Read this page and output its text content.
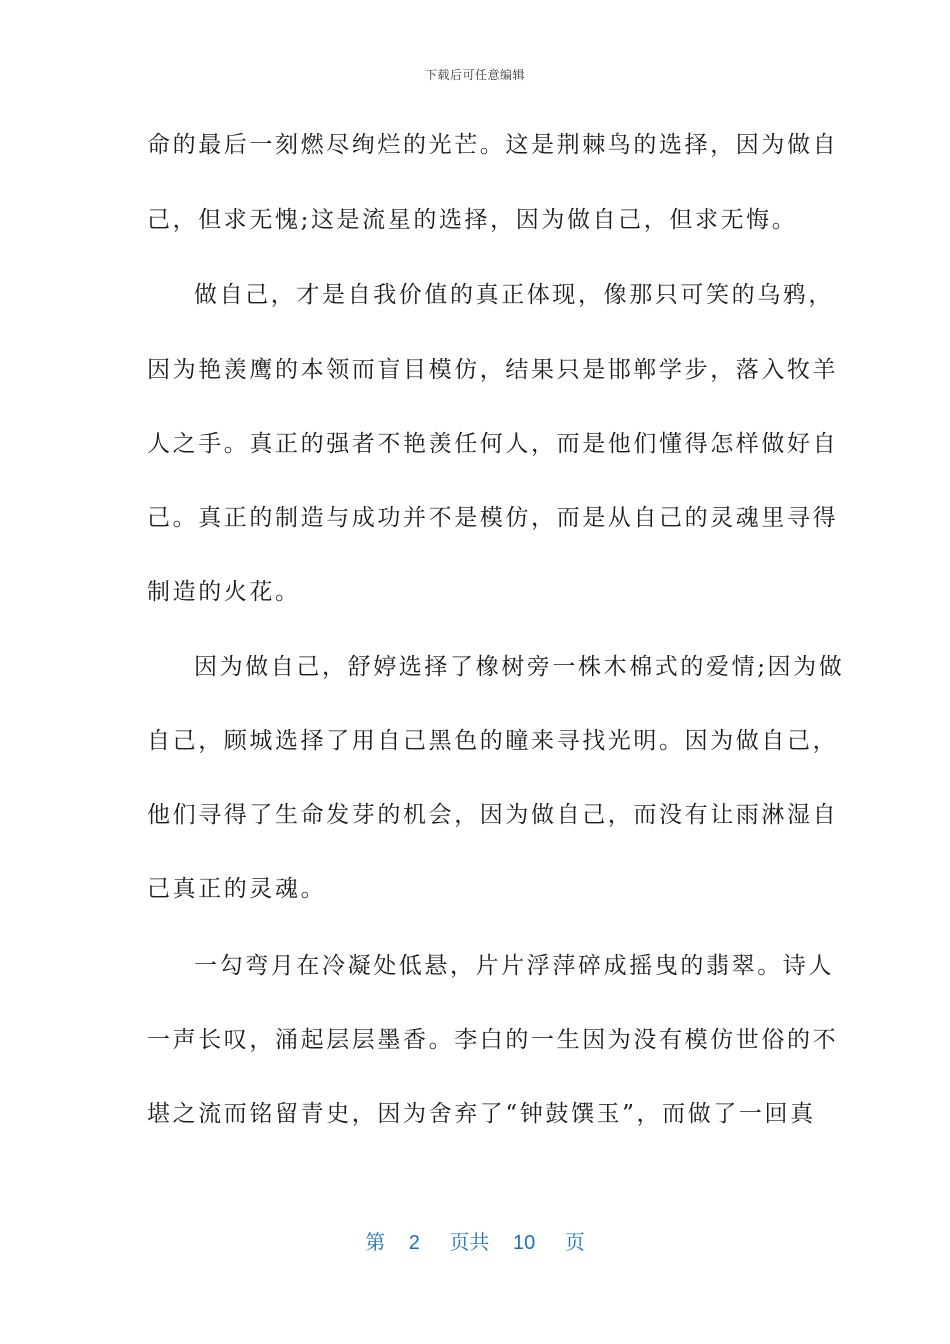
下载后可任意编辑
命的最后一刻燃尽绚烂的光芒。这是荆棘鸟的选择，因为做自
己，但求无愧;这是流星的选择，因为做自己，但求无悔。
做自己，才是自我价值的真正体现，像那只可笑的乌鸦，
因为艳羡鹰的本领而盲目模仿，结果只是邯郸学步，落入牧羊
人之手。真正的强者不艳羡任何人，而是他们懂得怎样做好自
己。真正的制造与成功并不是模仿，而是从自己的灵魂里寻得
制造的火花。
因为做自己，舒婷选择了橡树旁一株木棉式的爱情;因为做
自己，顾城选择了用自己黑色的瞳来寻找光明。因为做自己，
他们寻得了生命发芽的机会，因为做自己，而没有让雨淋湿自
己真正的灵魂。
一勾弯月在冷凝处低悬，片片浮萍碎成摇曳的翡翠。诗人
一声长叹，涌起层层墨香。李白的一生因为没有模仿世俗的不
堪之流而铭留青史，因为舍弃了“钟鼓馔玉”，而做了一回真
第 2 页共 10 页
